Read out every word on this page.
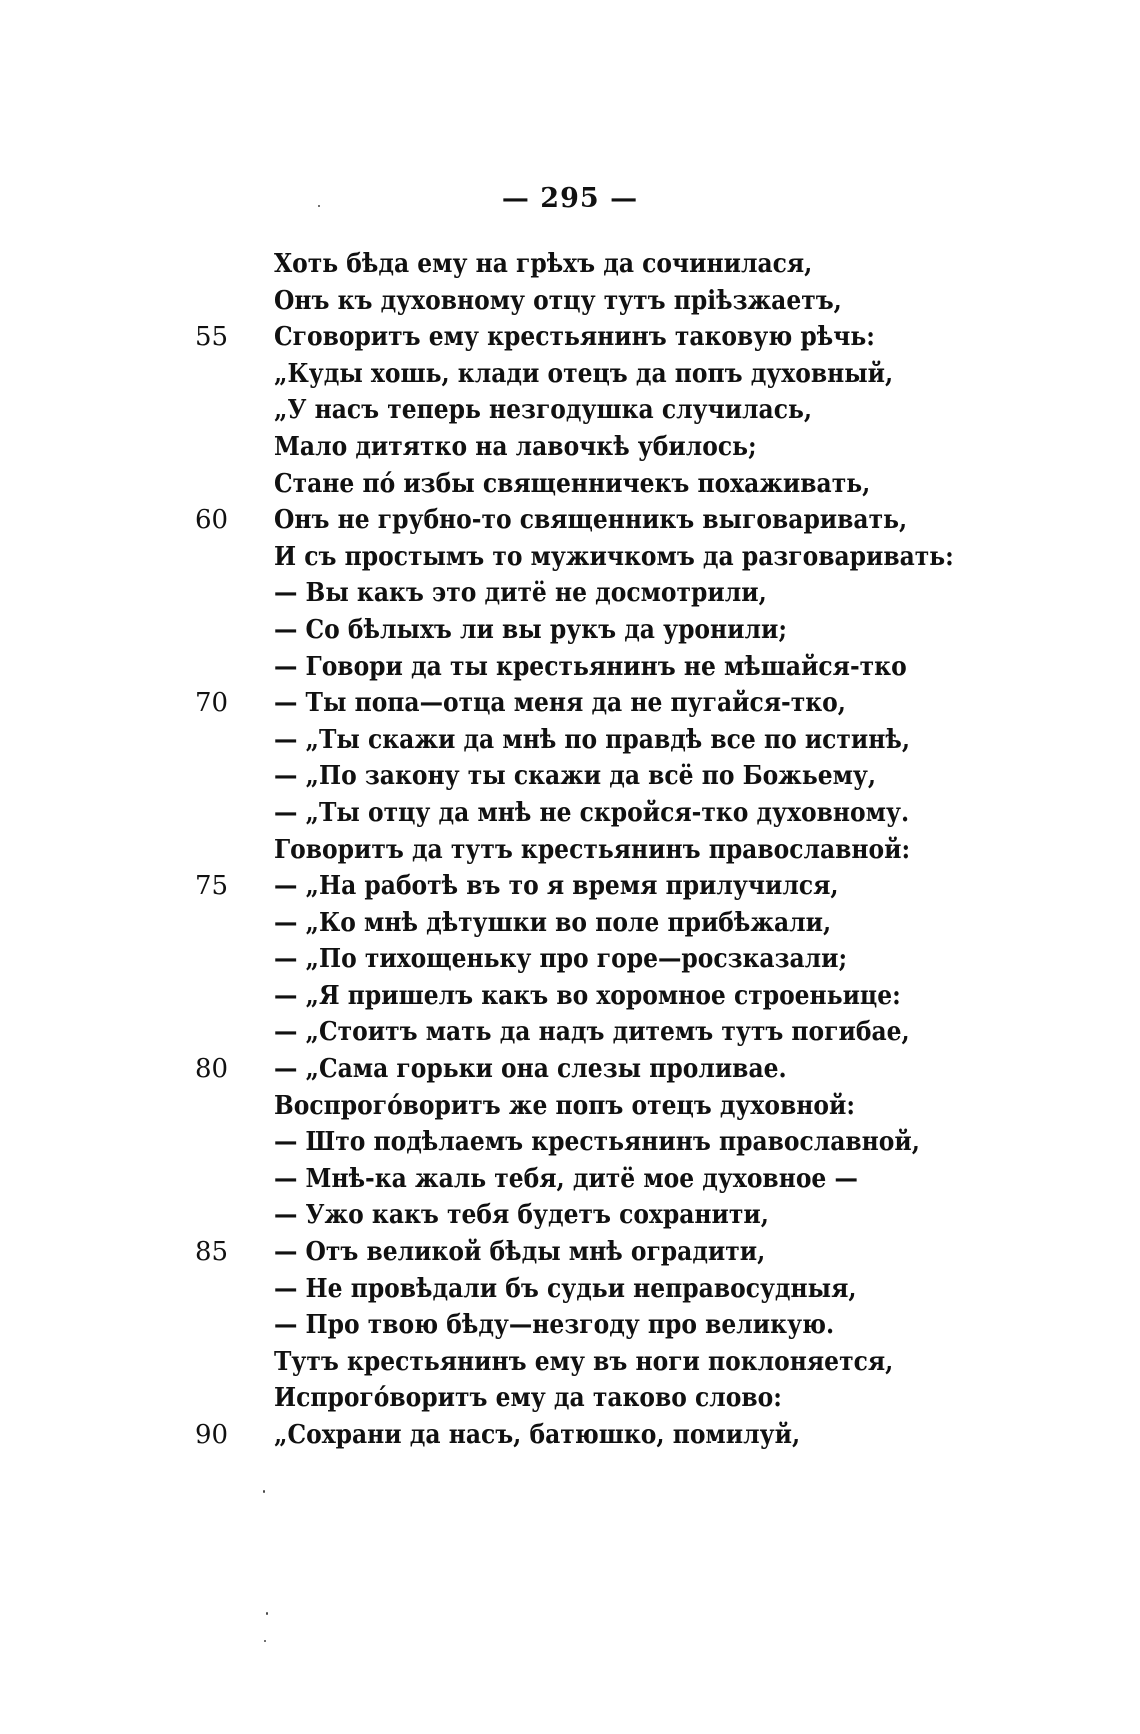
— 295 —
Хоть бѣда ему на грѣхъ да сочинилася,
Онъ къ духовному отцу тутъ пріѣзжаетъ,
55 Сговоритъ ему крестьянинъ таковую рѣчь:
„Куды хошь, клади отецъ да попъ духовный,
„У насъ теперь незгодушка случилась,
Мало дитятко на лавочкѣ убилось;
Стане пó избы священничекъ похаживать,
60 Онъ не грубно-то священникъ выговаривать,
И съ простымъ то мужичкомъ да разговаривать:
— Вы какъ это дитё не досмотрили,
— Со бѣлыхъ ли вы рукъ да уронили;
— Говори да ты крестьянинъ не мѣшайся-тко
70 — Ты попа—отца меня да не пугайся-тко,
— „Ты скажи да мнѣ по правдѣ все по истинѣ,
— „По закону ты скажи да всё по Божьему,
— „Ты отцу да мнѣ не скройся-тко духовному.
Говоритъ да тутъ крестьянинъ православной:
75 — „На работѣ въ то я время прилучился,
— „Ко мнѣ дѣтушки во поле прибѣжали,
— „По тихощеньку про горе—росзказали;
— „Я пришелъ какъ во хоромное строеньице:
— „Стоитъ мать да надъ дитемъ тутъ погибае,
80 — „Сама горьки она слезы проливае.
Воспрогóворитъ же попъ отецъ духовной:
— Што подѣлаемъ крестьянинъ православной,
— Мнѣ-ка жаль тебя, дитё мое духовное —
— Ужо какъ тебя будетъ сохранити,
85 — Отъ великой бѣды мнѣ оградити,
— Не провѣдали бъ судьи неправосудныя,
— Про твою бѣду—незгоду про великую.
Тутъ крестьянинъ ему въ ноги поклоняется,
Испрогóворитъ ему да таково слово:
90 „Сохрани да насъ, батюшко, помилуй,
